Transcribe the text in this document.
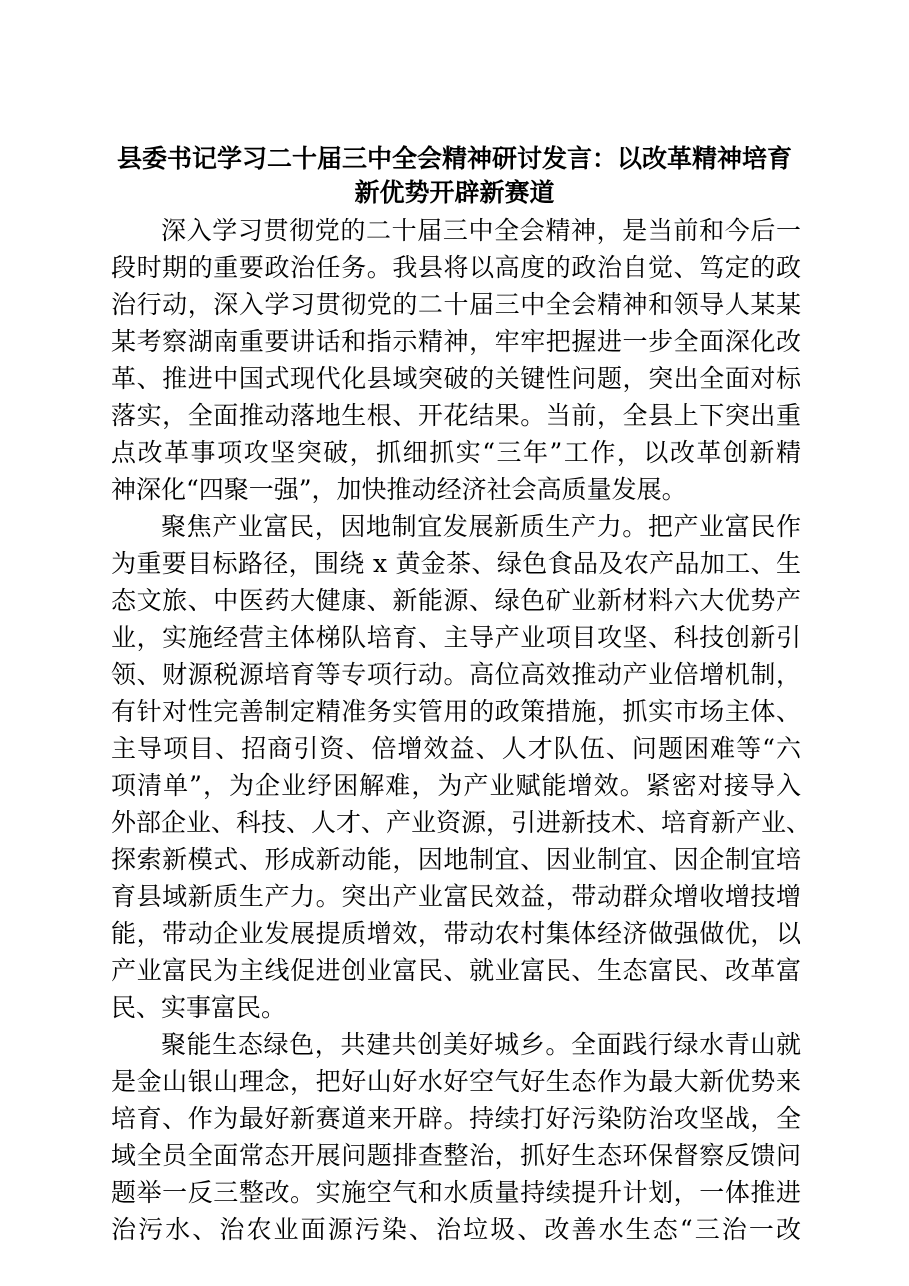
县委书记学习二十届三中全会精神研讨发言：以改革精神培育
新优势开辟新赛道
深入学习贯彻党的二十届三中全会精神，是当前和今后一
段时期的重要政治任务。我县将以高度的政治自觉、笃定的政
治行动，深入学习贯彻党的二十届三中全会精神和领导人某某
某考察湖南重要讲话和指示精神，牢牢把握进一步全面深化改
革、推进中国式现代化县域突破的关键性问题，突出全面对标
落实，全面推动落地生根、开花结果。当前，全县上下突出重
点改革事项攻坚突破，抓细抓实“三年”工作，以改革创新精
神深化“四聚一强”，加快推动经济社会高质量发展。
聚焦产业富民，因地制宜发展新质生产力。把产业富民作
为重要目标路径，围绕 x 黄金茶、绿色食品及农产品加工、生
态文旅、中医药大健康、新能源、绿色矿业新材料六大优势产
业，实施经营主体梯队培育、主导产业项目攻坚、科技创新引
领、财源税源培育等专项行动。高位高效推动产业倍增机制，
有针对性完善制定精准务实管用的政策措施，抓实市场主体、
主导项目、招商引资、倍增效益、人才队伍、问题困难等“六
项清单”，为企业纾困解难，为产业赋能增效。紧密对接导入
外部企业、科技、人才、产业资源，引进新技术、培育新产业、
探索新模式、形成新动能，因地制宜、因业制宜、因企制宜培
育县域新质生产力。突出产业富民效益，带动群众增收增技增
能，带动企业发展提质增效，带动农村集体经济做强做优，以
产业富民为主线促进创业富民、就业富民、生态富民、改革富
民、实事富民。
聚能生态绿色，共建共创美好城乡。全面践行绿水青山就
是金山银山理念，把好山好水好空气好生态作为最大新优势来
培育、作为最好新赛道来开辟。持续打好污染防治攻坚战，全
域全员全面常态开展问题排查整治，抓好生态环保督察反馈问
题举一反三整改。实施空气和水质量持续提升计划，一体推进
治污水、治农业面源污染、治垃圾、改善水生态“三治一改
